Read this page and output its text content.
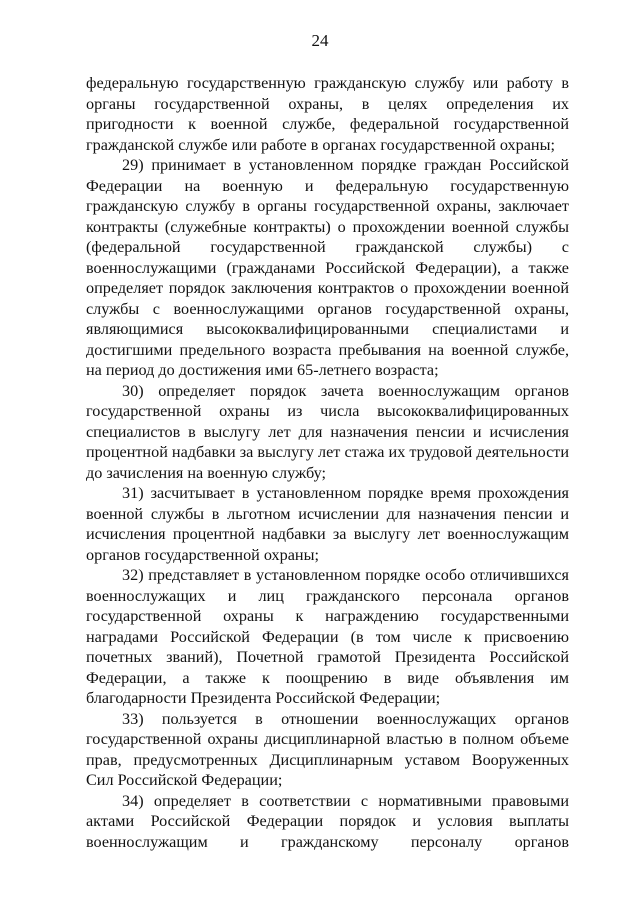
24

федеральную государственную гражданскую службу или работу в органы государственной охраны, в целях определения их пригодности к военной службе, федеральной государственной гражданской службе или работе в органах государственной охраны;

29) принимает в установленном порядке граждан Российской Федерации на военную и федеральную государственную гражданскую службу в органы государственной охраны, заключает контракты (служебные контракты) о прохождении военной службы (федеральной государственной гражданской службы) с военнослужащими (гражданами Российской Федерации), а также определяет порядок заключения контрактов о прохождении военной службы с военнослужащими органов государственной охраны, являющимися высококвалифицированными специалистами и достигшими предельного возраста пребывания на военной службе, на период до достижения ими 65-летнего возраста;

30) определяет порядок зачета военнослужащим органов государственной охраны из числа высококвалифицированных специалистов в выслугу лет для назначения пенсии и исчисления процентной надбавки за выслугу лет стажа их трудовой деятельности до зачисления на военную службу;

31) засчитывает в установленном порядке время прохождения военной службы в льготном исчислении для назначения пенсии и исчисления процентной надбавки за выслугу лет военнослужащим органов государственной охраны;

32) представляет в установленном порядке особо отличившихся военнослужащих и лиц гражданского персонала органов государственной охраны к награждению государственными наградами Российской Федерации (в том числе к присвоению почетных званий), Почетной грамотой Президента Российской Федерации, а также к поощрению в виде объявления им благодарности Президента Российской Федерации;

33) пользуется в отношении военнослужащих органов государственной охраны дисциплинарной властью в полном объеме прав, предусмотренных Дисциплинарным уставом Вооруженных Сил Российской Федерации;

34) определяет в соответствии с нормативными правовыми актами Российской Федерации порядок и условия выплаты военнослужащим и гражданскому персоналу органов
